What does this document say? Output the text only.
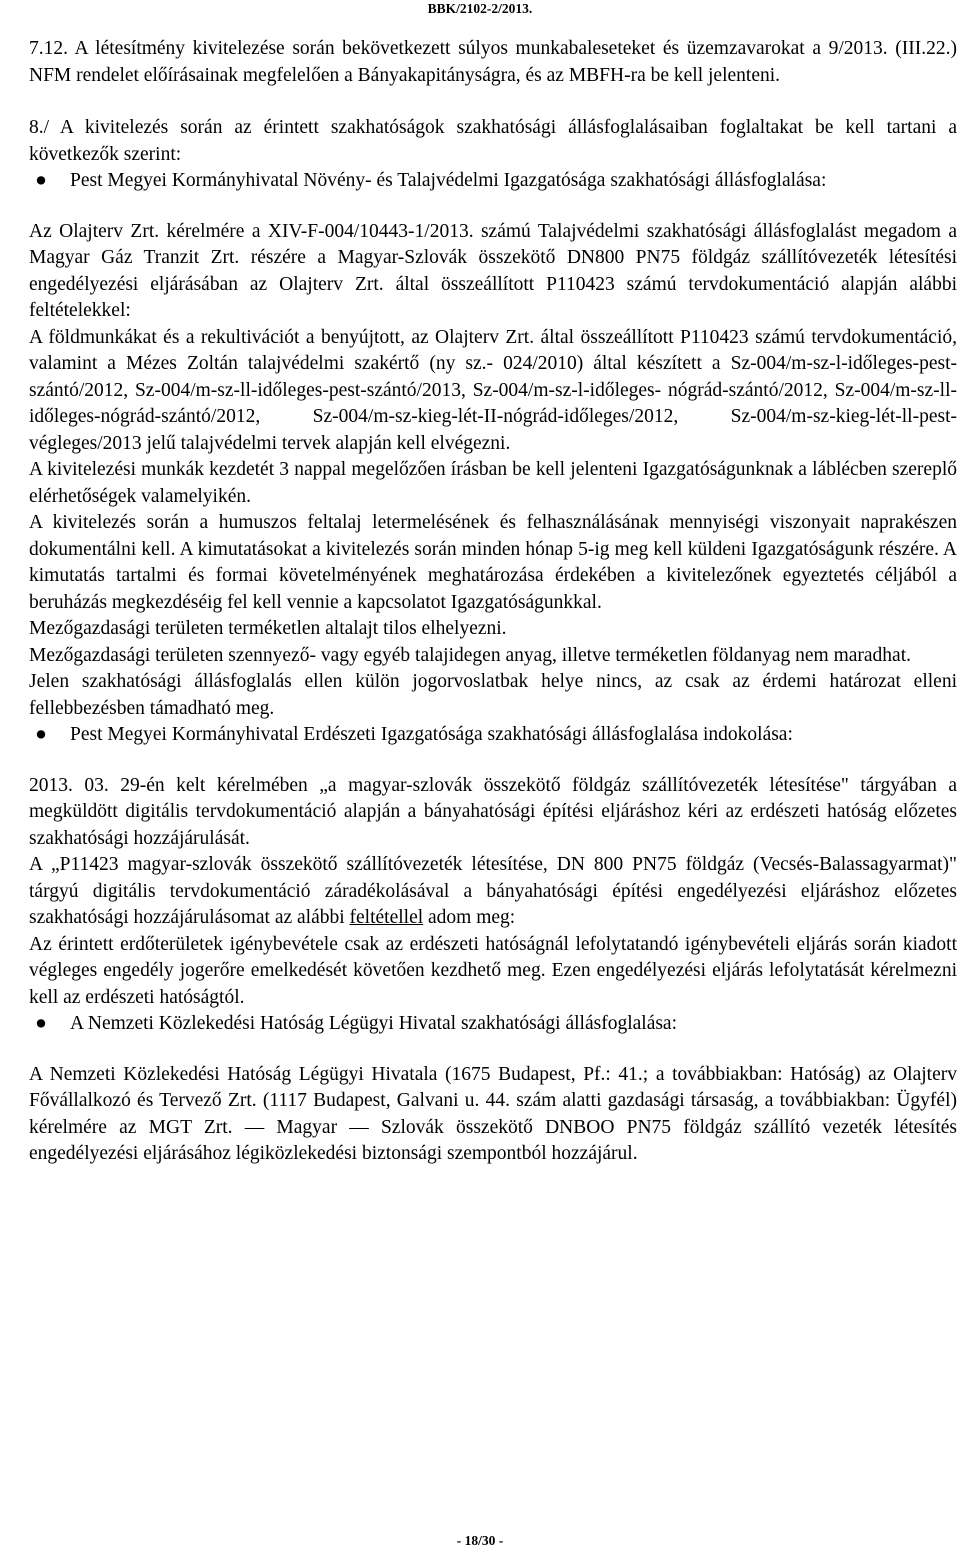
BBK/2102-2/2013.

7.12. A létesítmény kivitelezése során bekövetkezett súlyos munkabaleseteket és üzemzavarokat a 9/2013. (III.22.) NFM rendelet előírásainak megfelelően a Bányakapitányságra, és az MBFH-ra be kell jelenteni.

8./ A kivitelezés során az érintett szakhatóságok szakhatósági állásfoglalásaiban foglaltakat be kell tartani a következők szerint:

● Pest Megyei Kormányhivatal Növény- és Talajvédelmi Igazgatósága szakhatósági állásfoglalása:

Az Olajterv Zrt. kérelmére a XIV-F-004/10443-1/2013. számú Talajvédelmi szakhatósági állásfoglalást megadom a Magyar Gáz Tranzit Zrt. részére a Magyar-Szlovák összekötő DN800 PN75 földgáz szállítóvezeték létesítési engedélyezési eljárásában az Olajterv Zrt. által összeállított P110423 számú tervdokumentáció alapján alábbi feltételekkel:

A földmunkákat és a rekultivációt a benyújtott, az Olajterv Zrt. által összeállított P110423 számú tervdokumentáció, valamint a Mézes Zoltán talajvédelmi szakértő (ny sz.- 024/2010) által készített a Sz-004/m-sz-l-időleges-pest-szántó/2012, Sz-004/m-sz-ll-időleges-pest-szántó/2013, Sz-004/m-sz-l-időleges- nógrád-szántó/2012, Sz-004/m-sz-ll-időleges-nógrád-szántó/2012, Sz-004/m-sz-kieg-lét-II-nógrád-időleges/2012, Sz-004/m-sz-kieg-lét-ll-pest-végleges/2013 jelű talajvédelmi tervek alapján kell elvégezni.

A kivitelezési munkák kezdetét 3 nappal megelőzően írásban be kell jelenteni Igazgatóságunknak a láblécben szereplő elérhetőségek valamelyikén.

A kivitelezés során a humuszos feltalaj letermelésének és felhasználásának mennyiségi viszonyait naprakészen dokumentálni kell. A kimutatásokat a kivitelezés során minden hónap 5-ig meg kell küldeni Igazgatóságunk részére. A kimutatás tartalmi és formai követelményének meghatározása érdekében a kivitelezőnek egyeztetés céljából a beruházás megkezdéséig fel kell vennie a kapcsolatot Igazgatóságunkkal.

Mezőgazdasági területen terméketlen altalajt tilos elhelyezni.

Mezőgazdasági területen szennyező- vagy egyéb talajidegen anyag, illetve terméketlen földanyag nem maradhat.

Jelen szakhatósági állásfoglalás ellen külön jogorvoslatbak helye nincs, az csak az érdemi határozat elleni fellebbezésben támadható meg.

● Pest Megyei Kormányhivatal Erdészeti Igazgatósága szakhatósági állásfoglalása indokolása:

2013. 03. 29-én kelt kérelmében „a magyar-szlovák összekötő földgáz szállítóvezeték létesítése" tárgyában a megküldött digitális tervdokumentáció alapján a bányahatósági építési eljáráshoz kéri az erdészeti hatóság előzetes szakhatósági hozzájárulását.

A „P11423 magyar-szlovák összekötő szállítóvezeték létesítése, DN 800 PN75 földgáz (Vecsés-Balassagyarmat)" tárgyú digitális tervdokumentáció záradékolásával a bányahatósági építési engedélyezési eljáráshoz előzetes szakhatósági hozzájárulásomat az alábbi feltétellel adom meg:

Az érintett erdőterületek igénybevétele csak az erdészeti hatóságnál lefolytatandó igénybevételi eljárás során kiadott végleges engedély jogerőre emelkedését követően kezdhető meg. Ezen engedélyezési eljárás lefolytatását kérelmezni kell az erdészeti hatóságtól.

● A Nemzeti Közlekedési Hatóság Légügyi Hivatal szakhatósági állásfoglalása:

A Nemzeti Közlekedési Hatóság Légügyi Hivatala (1675 Budapest, Pf.: 41.; a továbbiakban: Hatóság) az Olajterv Fővállalkozó és Tervező Zrt. (1117 Budapest, Galvani u. 44. szám alatti gazdasági társaság, a továbbiakban: Ügyfél) kérelmére az MGT Zrt. — Magyar — Szlovák összekötő DNBOO PN75 földgáz szállító vezeték létesítés engedélyezési eljárásához légiközlekedési biztonsági szempontból hozzájárul.

- 18/30 -
